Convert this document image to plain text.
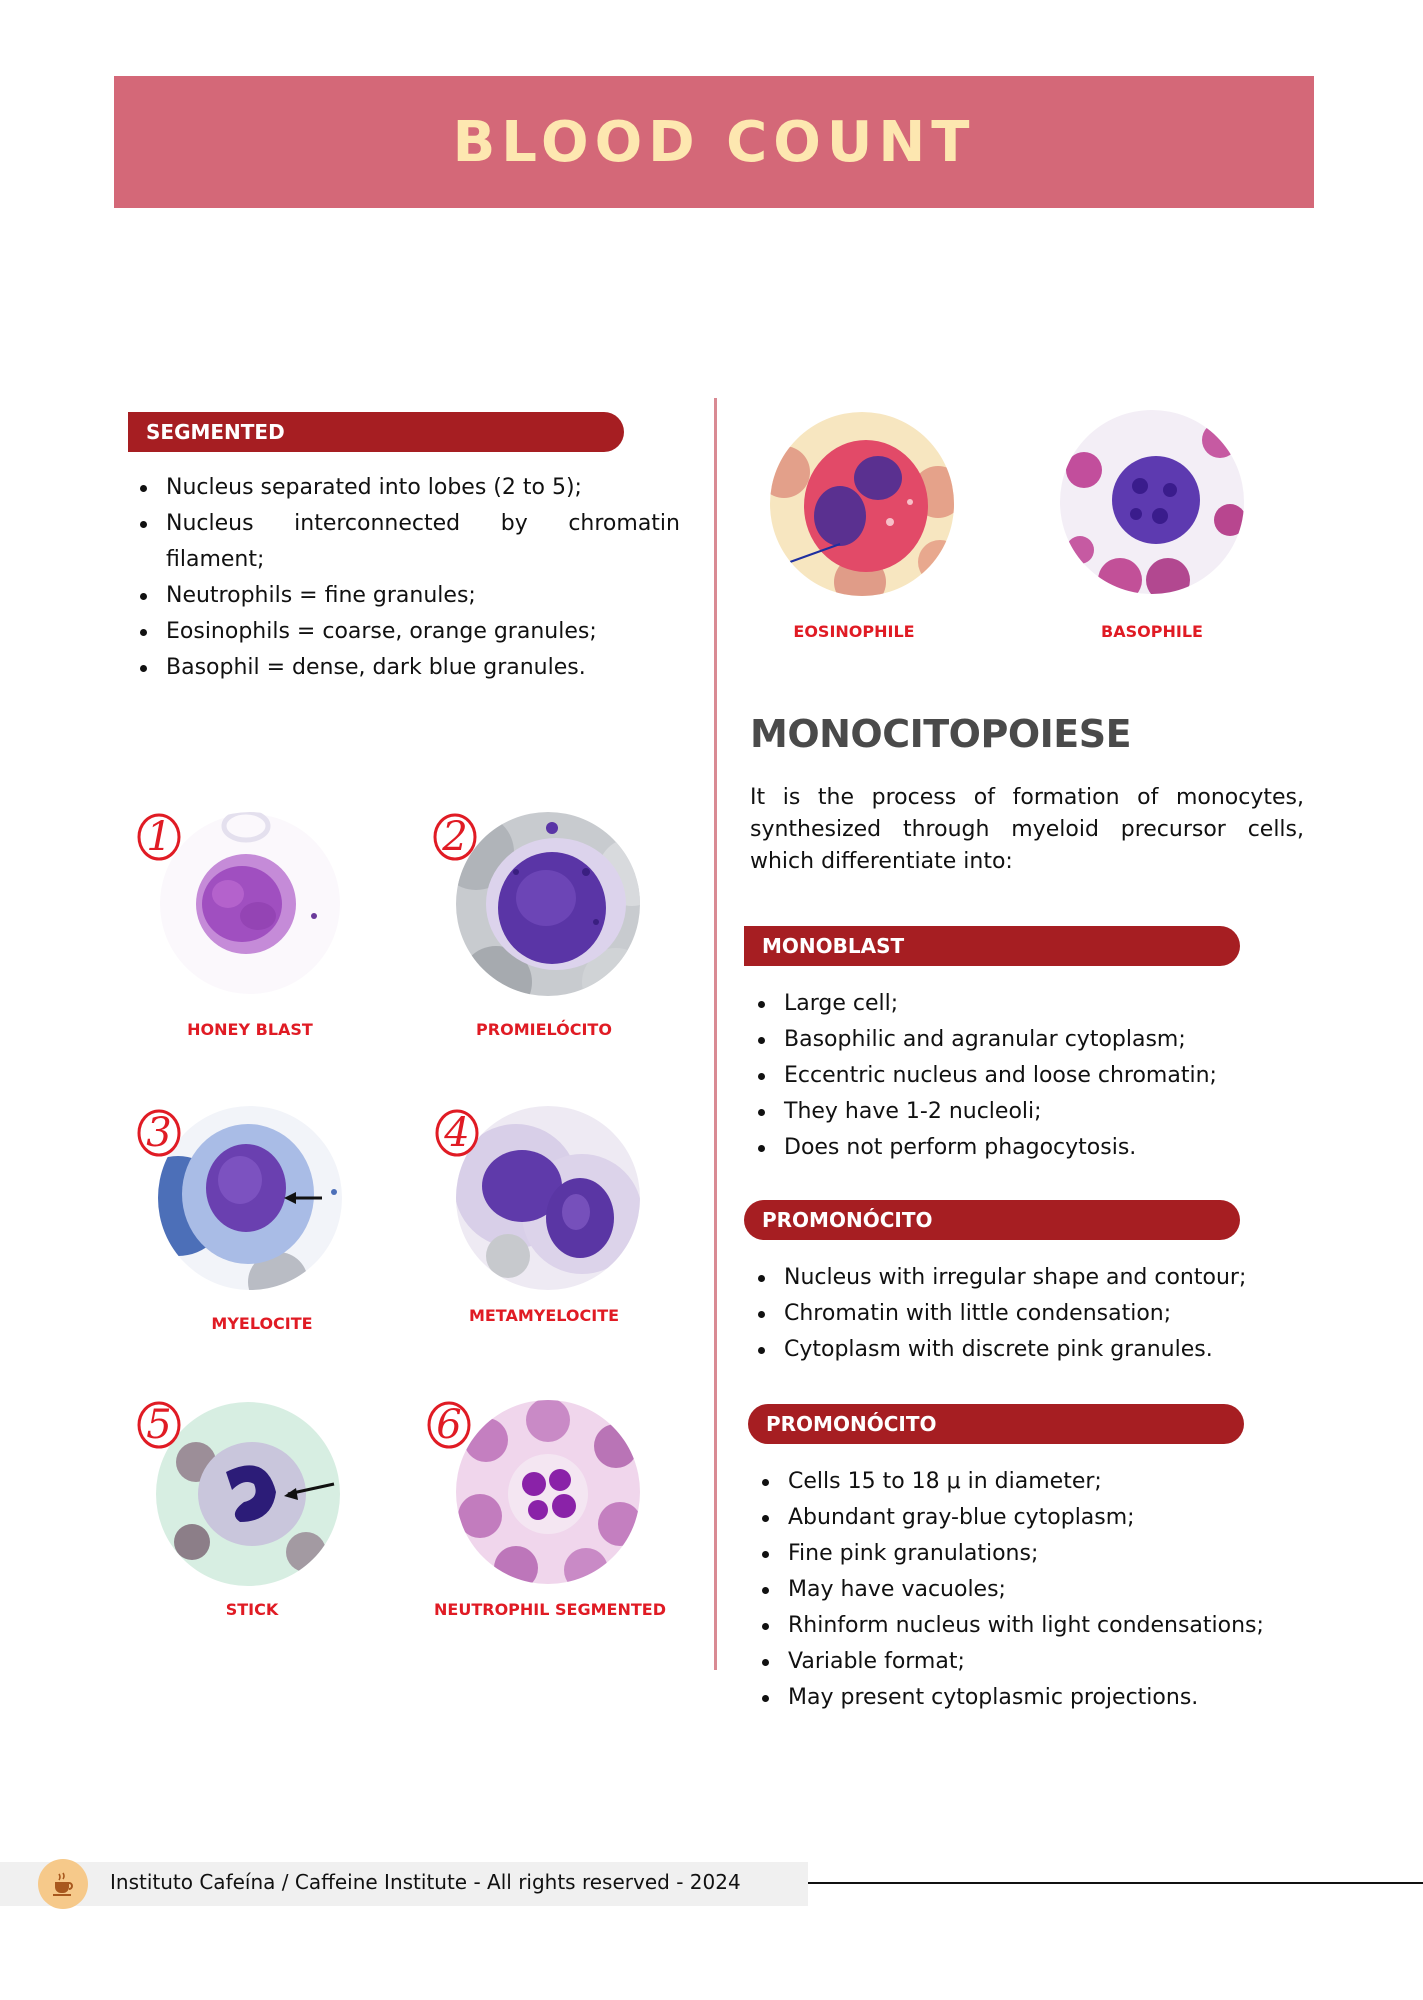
BLOOD COUNT
SEGMENTED
Nucleus separated into lobes (2 to 5);
Nucleus interconnected by chromatin filament;
Neutrophils = fine granules;
Eosinophils = coarse, orange granules;
Basophil = dense, dark blue granules.
1
HONEY BLAST
2
PROMIELÓCITO
3
MYELOCITE
4
METAMYELOCITE
5
STICK
6
NEUTROPHIL SEGMENTED
EOSINOPHILE	BASOPHILE
MONOCITOPOIESE
It is the process of formation of monocytes, synthesized through myeloid precursor cells, which differentiate into:
MONOBLAST
Large cell;
Basophilic and agranular cytoplasm;
Eccentric nucleus and loose chromatin;
They have 1-2 nucleoli;
Does not perform phagocytosis.
PROMONÓCITO
Nucleus with irregular shape and contour;
Chromatin with little condensation;
Cytoplasm with discrete pink granules.
PROMONÓCITO
Cells 15 to 18 μ in diameter;
Abundant gray-blue cytoplasm;
Fine pink granulations;
May have vacuoles;
Rhinform nucleus with light condensations;
Variable format;
May present cytoplasmic projections.
Instituto Cafeína / Caffeine Institute - All rights reserved - 2024
